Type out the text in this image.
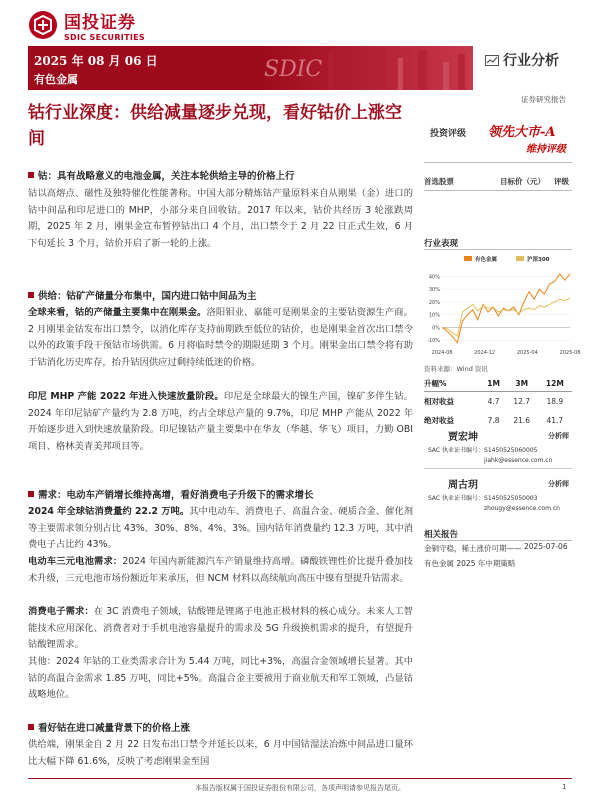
国投证券
SDIC SECURITIES
2025 年 08 月 06 日
有色金属	SDIC	行业分析
证券研究报告
钴行业深度：供给减量逐步兑现，看好钴价上涨空间	投资评级 领先大市-A
维持评级
首选股票	目标价（元） 评级
钴：具有战略意义的电池金属，关注本轮供给主导的价格上行
钴以高熔点、磁性及独特催化性能著称。中国大部分精炼钴产量原料来自从刚果（金）进口的钴中间品和印尼进口的 MHP，小部分来自回收钴。2017 年以来，钴价共经历 3 轮涨跌周期，2025 年 2 月，刚果金宣布暂停钴出口 4 个月，出口禁令于 2 月 22 日正式生效，6 月下旬延长 3 个月，钴价开启了新一轮的上涨。
供给：钴矿产储量分布集中，国内进口钴中间品为主
全球来看，钴的产储量主要集中在刚果金。洛阳钼业、嘉能可是刚果金的主要钴资源生产商。2 月刚果金钴发布出口禁令，以消化库存支持前期跌至低位的钴价，也是刚果金首次出口禁令以外的政策手段干预钴市场供需。6 月将临时禁令的期限延期 3 个月。刚果金出口禁令将有助于钴消化历史库存，抬升钴因供应过剩持续低迷的价格。
印尼 MHP 产能 2022 年进入快速放量阶段。印尼是全球最大的镍生产国，镍矿多伴生钴。2024 年印尼钴矿产量约为 2.8 万吨，约占全球总产量的 9.7%，印尼 MHP 产能从 2022 年开始逐步进入到快速放量阶段。印尼镍钴产量主要集中在华友（华越、华飞）项目，力勤 OBI 项目、格林美青美邦项目等。
需求：电动车产销增长维持高增，看好消费电子升级下的需求增长
2024 年全球钴消费量约 22.2 万吨。其中电动车、消费电子、高温合金、硬质合金、催化剂等主要需求领分别占比 43%、30%、8%、4%、3%。国内钴年消费量约 12.3 万吨，其中消费电子占比约 43%。
电动车三元电池需求：2024 年国内新能源汽车产销量维持高增。磷酸铁锂性价比提升叠加技术升级，三元电池市场份额近年来承压，但 NCM 材料以高续航向高压中镍有望提升钴需求。
消费电子需求：在 3C 消费电子领域，钴酸锂是锂离子电池正极材料的核心成分。未来人工智能技术应用深化、消费者对于手机电池容量提升的需求及 5G 升级换机需求的提升，有望提升钴酸锂需求。
其他：2024 年钴的工业类需求合计为 5.44 万吨，同比+3%，高温合金领域增长显著。其中钴的高温合金需求 1.85 万吨，同比+5%。高温合金主要被用于商业航天和军工领域，凸显钴战略地位。
看好钴在进口减量背景下的价格上涨
供给端，刚果金自 2 月 22 日发布出口禁令并延长以来，6 月中国钴湿法冶炼中间品进口量环比大幅下降 61.6%，反映了考虑刚果金至国
行业表现
有色金属	沪深300
40%
30%
20%
10%
0%
-10%
2024-08	2024-12	2025-04	2025-08
资料来源：Wind 资讯
升幅%	1M	3M	12M
相对收益	4.7	12.7	18.9
绝对收益	7.8	21.6	41.7
贾宏坤	分析师
SAC 执业证书编号：S1450525060005
jiahk@essence.com.cn
周古玥	分析师
SAC 执业证书编号：S1450525050003
zhougy@essence.com.cn
相关报告
金铜守稳，稀土涨价可期——有色金属 2025 年中期策略
2025-07-06
本报告版权属于国投证券股份有限公司，各项声明请参见报告尾页。	1
